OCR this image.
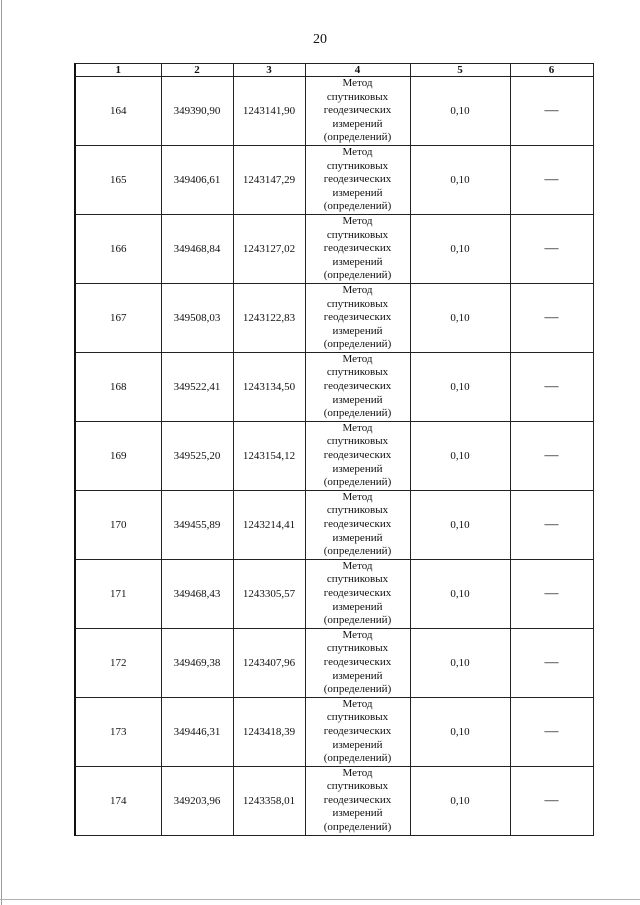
20
1	2	3	4	5	6
164	349390,90	1243141,90	Метод
спутниковых
геодезических
измерений
(определений)	0,10	—
165	349406,61	1243147,29	Метод
спутниковых
геодезических
измерений
(определений)	0,10	—
166	349468,84	1243127,02	Метод
спутниковых
геодезических
измерений
(определений)	0,10	—
167	349508,03	1243122,83	Метод
спутниковых
геодезических
измерений
(определений)	0,10	—
168	349522,41	1243134,50	Метод
спутниковых
геодезических
измерений
(определений)	0,10	—
169	349525,20	1243154,12	Метод
спутниковых
геодезических
измерений
(определений)	0,10	—
170	349455,89	1243214,41	Метод
спутниковых
геодезических
измерений
(определений)	0,10	—
171	349468,43	1243305,57	Метод
спутниковых
геодезических
измерений
(определений)	0,10	—
172	349469,38	1243407,96	Метод
спутниковых
геодезических
измерений
(определений)	0,10	—
173	349446,31	1243418,39	Метод
спутниковых
геодезических
измерений
(определений)	0,10	—
174	349203,96	1243358,01	Метод
спутниковых
геодезических
измерений
(определений)	0,10	—
